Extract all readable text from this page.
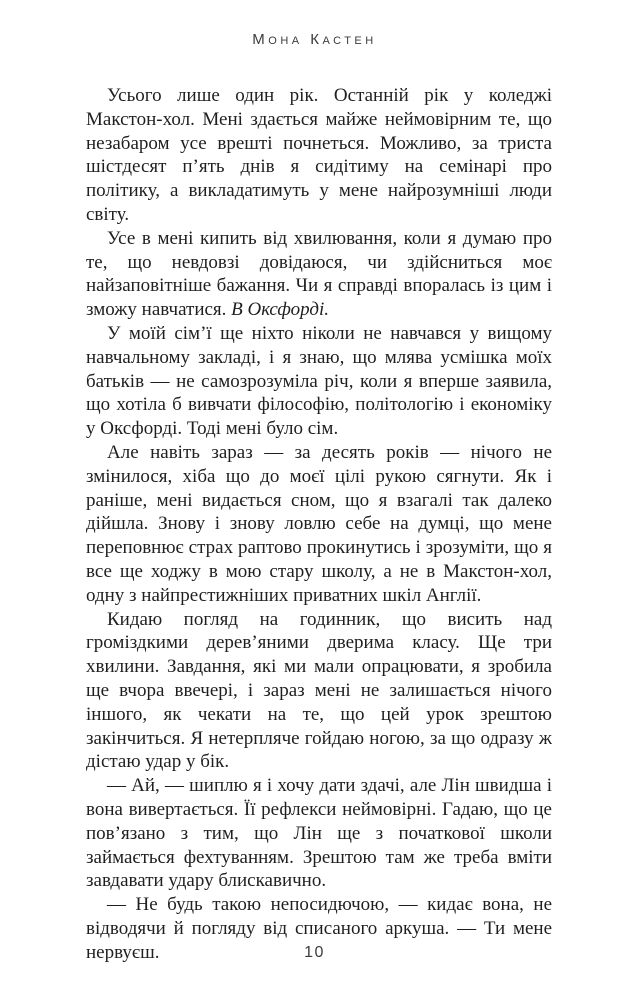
Мона Кастен

Усього лише один рік. Останній рік у коледжі Макстон-хол. Мені здається майже неймовірним те, що незабаром усе врешті почнеться. Можливо, за триста шістдесят п’ять днів я сидітиму на семінарі про політику, а викладатимуть у мене найрозумніші люди світу.

Усе в мені кипить від хвилювання, коли я думаю про те, що невдовзі довідаюся, чи здійсниться моє найзаповітніше бажання. Чи я справді впоралась із цим і зможу навчатися. В Оксфорді.

У моїй сім’ї ще ніхто ніколи не навчався у вищому навчальному закладі, і я знаю, що млява усмішка моїх батьків — не самозрозуміла річ, коли я вперше заявила, що хотіла б вивчати філософію, політологію і економіку у Оксфорді. Тоді мені було сім.

Але навіть зараз — за десять років — нічого не змінилося, хіба що до моєї цілі рукою сягнути. Як і раніше, мені видається сном, що я взагалі так далеко дійшла. Знову і знову ловлю себе на думці, що мене переповнює страх раптово прокинутись і зрозуміти, що я все ще ходжу в мою стару школу, а не в Макстон-хол, одну з найпрестижніших приватних шкіл Англії.

Кидаю погляд на годинник, що висить над громіздкими дерев’яними дверима класу. Ще три хвилини. Завдання, які ми мали опрацювати, я зробила ще вчора ввечері, і зараз мені не залишається нічого іншого, як чекати на те, що цей урок зрештою закінчиться. Я нетерпляче гойдаю ногою, за що одразу ж дістаю удар у бік.

— Ай, — шиплю я і хочу дати здачі, але Лін швидша і вона вивертається. Її рефлекси неймовірні. Гадаю, що це пов’язано з тим, що Лін ще з початкової школи займається фехтуванням. Зрештою там же треба вміти завдавати удару блискавично.

— Не будь такою непосидючою, — кидає вона, не відводячи й погляду від списаного аркуша. — Ти мене нервуєш.	10
